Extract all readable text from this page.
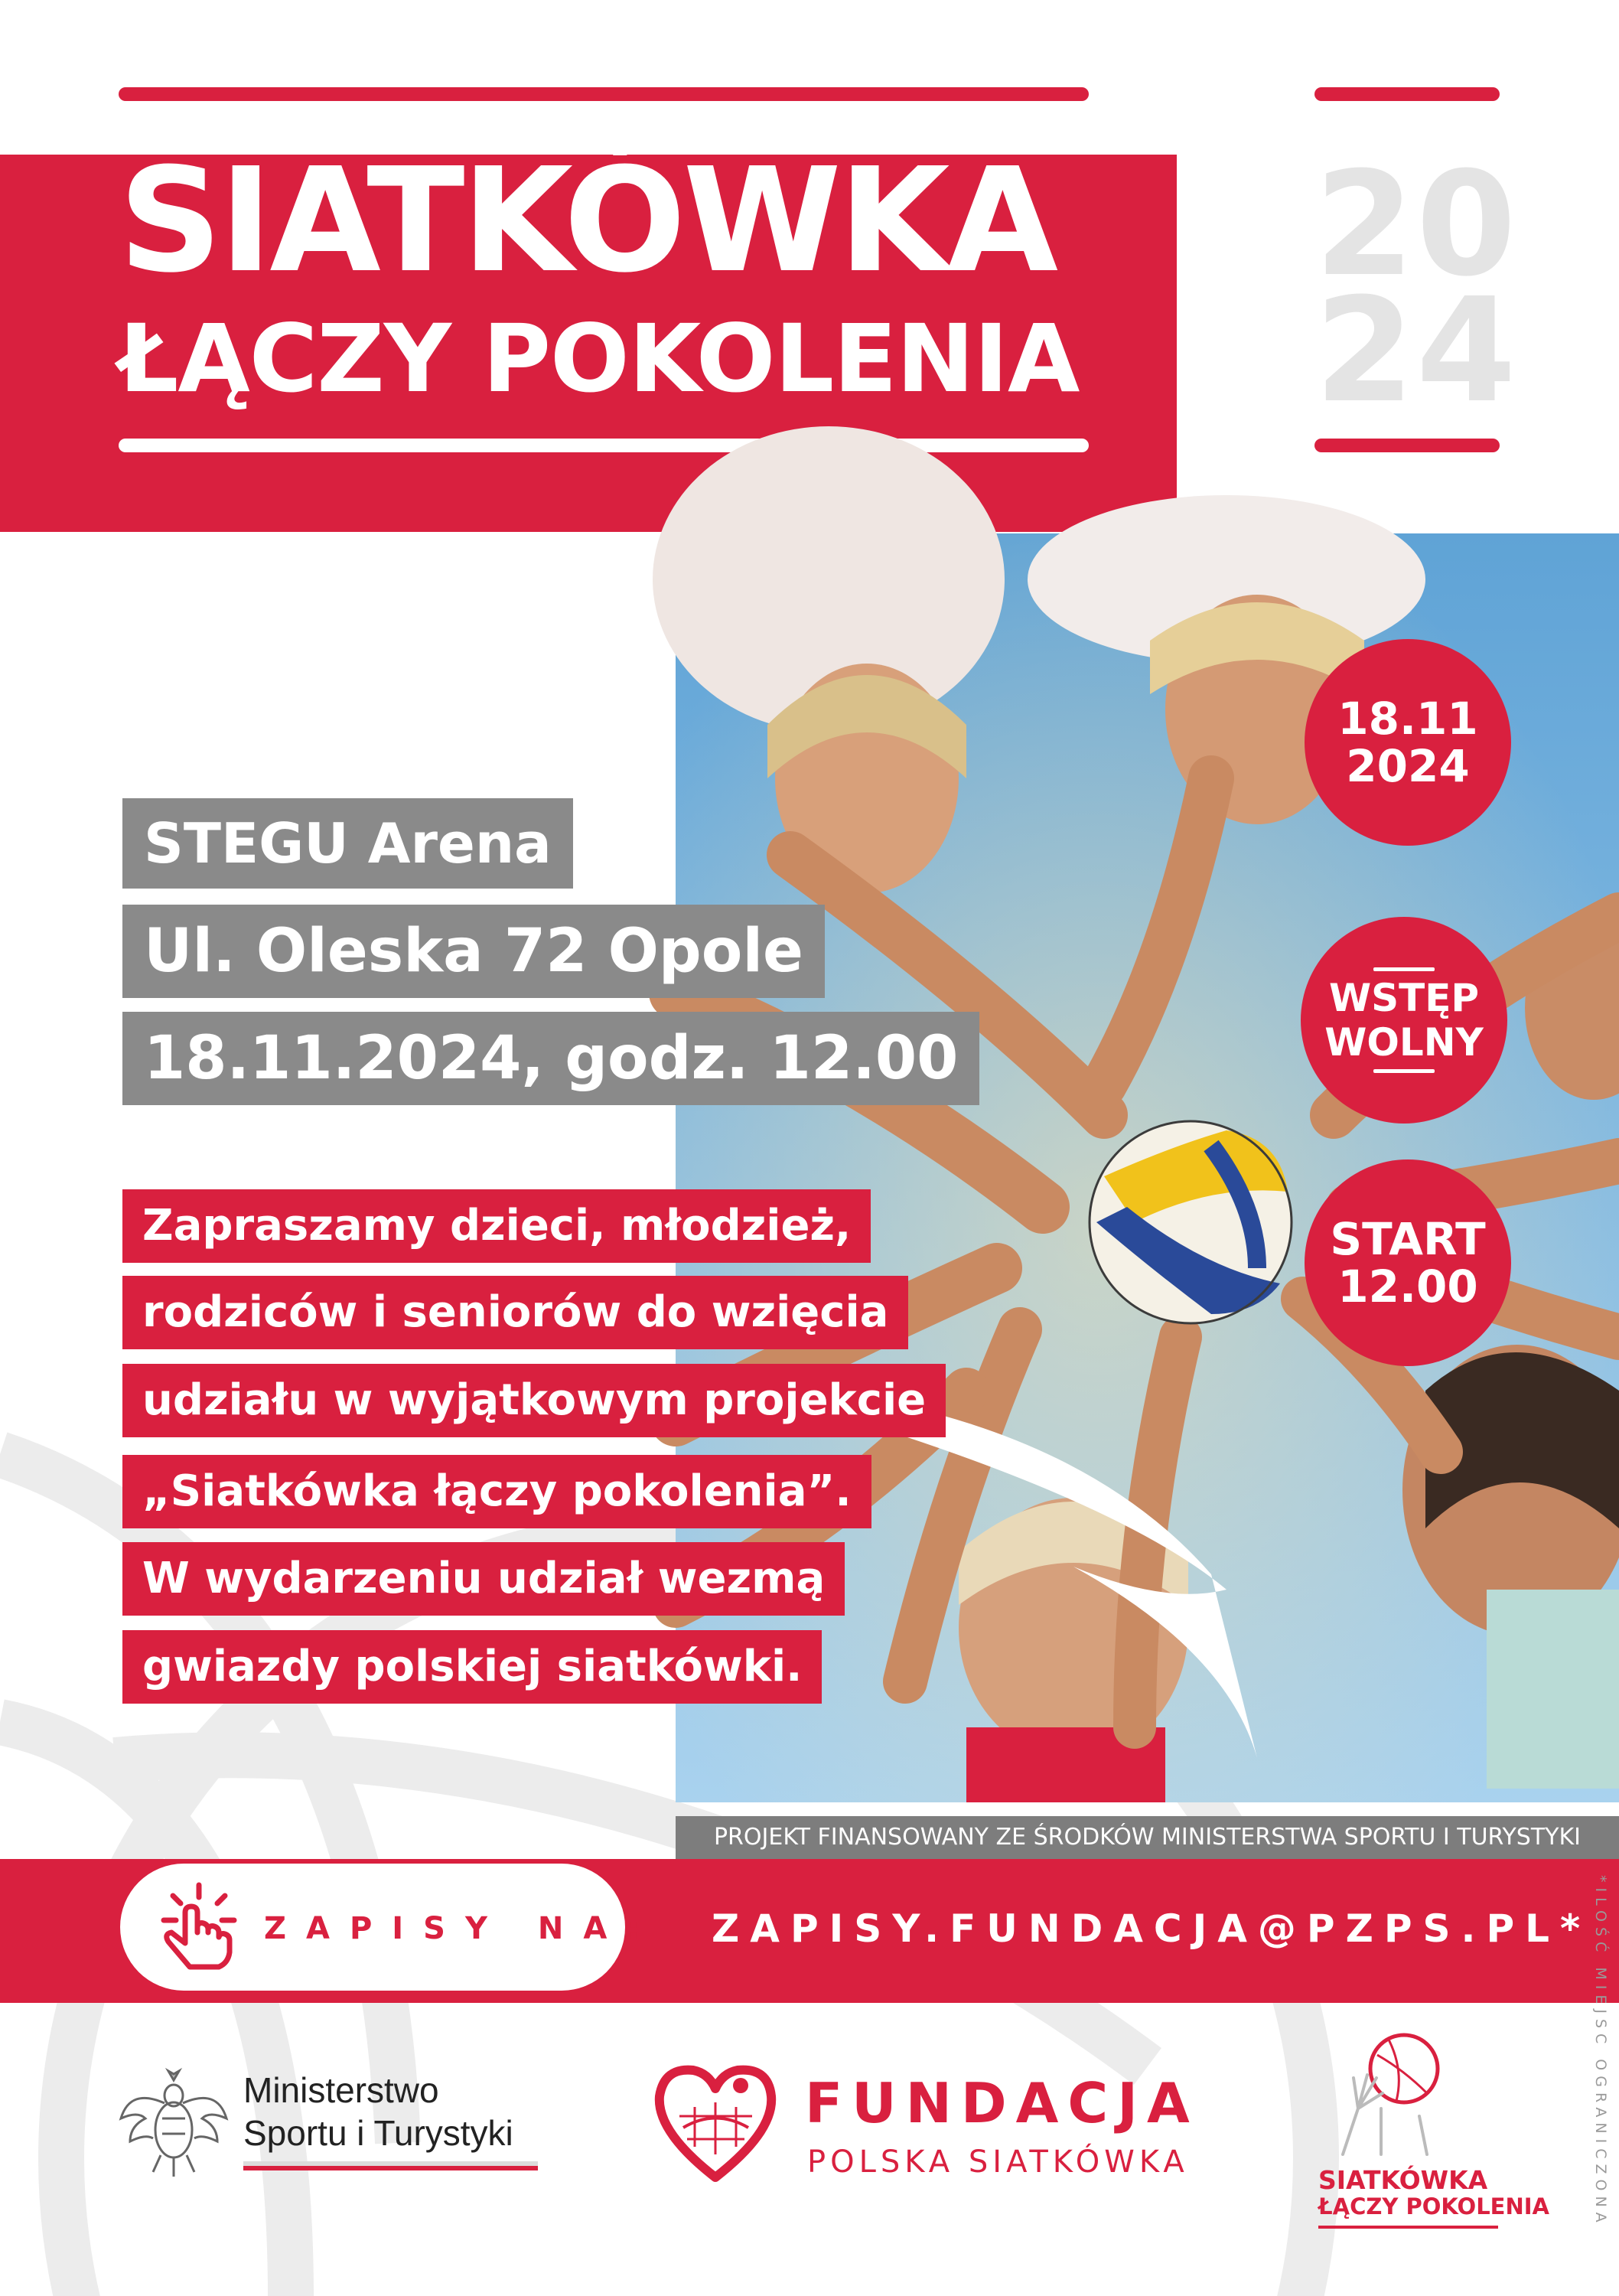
SIATKÓWKA
ŁĄCZY POKOLENIA
20
24
STEGU Arena
Ul. Oleska 72 Opole
18.11.2024, godz. 12.00
Zapraszamy dzieci, młodzież,
rodziców i seniorów do wzięcia
udziału w wyjątkowym projekcie
„Siatkówka łączy pokolenia”.
W wydarzeniu udział wezmą
gwiazdy polskiej siatkówki.
18.11
2024
WSTĘP
WOLNY
START
12.00
PROJEKT FINANSOWANY ZE ŚRODKÓW MINISTERSTWA SPORTU I TURYSTYKI
ZAPISY NA: ZAPISY.FUNDACJA@PZPS.PL* *ILOŚĆ MIEJSC OGRANICZONA
Ministerstwo
Sportu i Turystyki	FUNDACJA
POLSKA SIATKÓWKA
SIATKÓWKA
ŁĄCZY POKOLENIA
